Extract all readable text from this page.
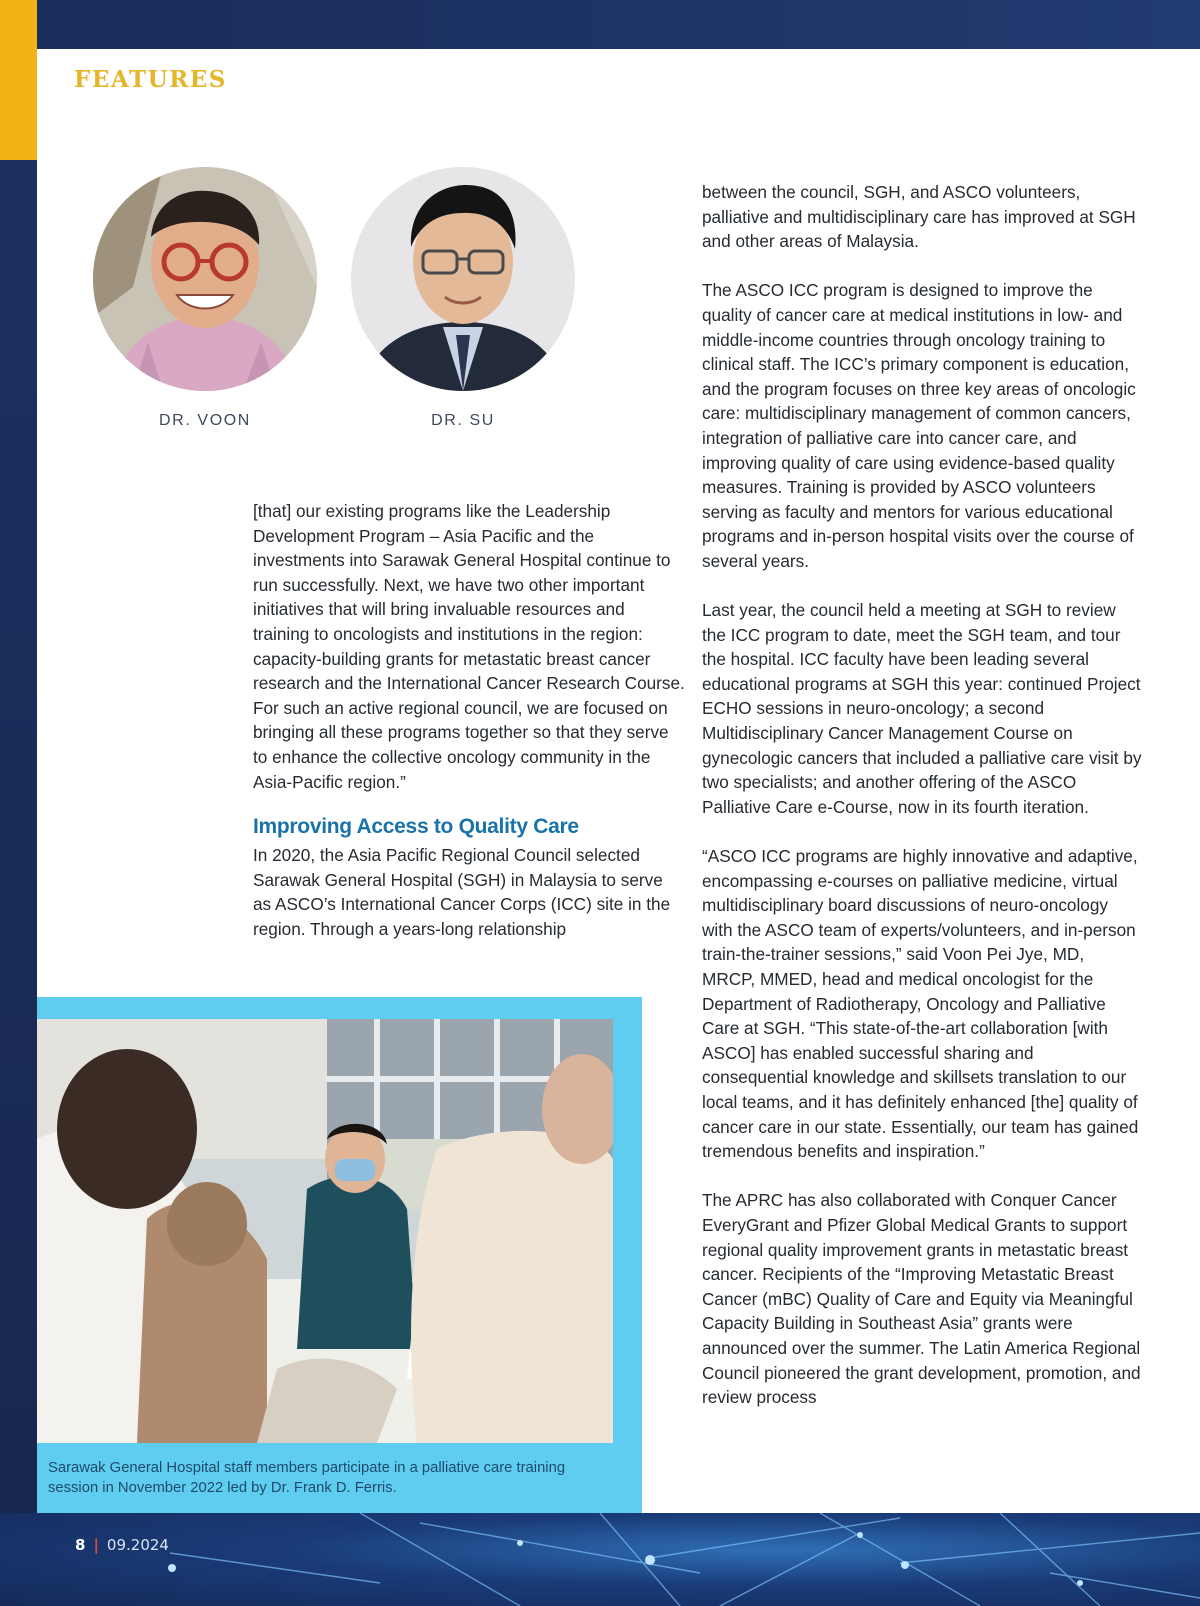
FEATURES
DR. VOON	DR. SU

[that] our existing programs like the Leadership Development Program – Asia Pacific and the investments into Sarawak General Hospital continue to run successfully. Next, we have two other important initiatives that will bring invaluable resources and training to oncologists and institutions in the region: capacity-building grants for metastatic breast cancer research and the International Cancer Research Course. For such an active regional council, we are focused on bringing all these programs together so that they serve to enhance the collective oncology community in the Asia-Pacific region.”

Improving Access to Quality Care

In 2020, the Asia Pacific Regional Council selected Sarawak General Hospital (SGH) in Malaysia to serve as ASCO’s International Cancer Corps (ICC) site in the region. Through a years-long relationship

between the council, SGH, and ASCO volunteers, palliative and multidisciplinary care has improved at SGH and other areas of Malaysia.

The ASCO ICC program is designed to improve the quality of cancer care at medical institutions in low- and middle-income countries through oncology training to clinical staff. The ICC’s primary component is education, and the program focuses on three key areas of oncologic care: multidisciplinary management of common cancers, integration of palliative care into cancer care, and improving quality of care using evidence-based quality measures. Training is provided by ASCO volunteers serving as faculty and mentors for various educational programs and in-person hospital visits over the course of several years.

Last year, the council held a meeting at SGH to review the ICC program to date, meet the SGH team, and tour the hospital. ICC faculty have been leading several educational programs at SGH this year: continued Project ECHO sessions in neuro-oncology; a second Multidisciplinary Cancer Management Course on gynecologic cancers that included a palliative care visit by two specialists; and another offering of the ASCO Palliative Care e-Course, now in its fourth iteration.

“ASCO ICC programs are highly innovative and adaptive, encompassing e-courses on palliative medicine, virtual multidisciplinary board discussions of neuro-oncology with the ASCO team of experts/volunteers, and in-person train-the-trainer sessions,” said Voon Pei Jye, MD, MRCP, MMED, head and medical oncologist for the Department of Radiotherapy, Oncology and Palliative Care at SGH. “This state-of-the-art collaboration [with ASCO] has enabled successful sharing and consequential knowledge and skillsets translation to our local teams, and it has definitely enhanced [the] quality of cancer care in our state. Essentially, our team has gained tremendous benefits and inspiration.”

The APRC has also collaborated with Conquer Cancer EveryGrant and Pfizer Global Medical Grants to support regional quality improvement grants in metastatic breast cancer. Recipients of the “Improving Metastatic Breast Cancer (mBC) Quality of Care and Equity via Meaningful Capacity Building in Southeast Asia” grants were announced over the summer. The Latin America Regional Council pioneered the grant development, promotion, and review process

Sarawak General Hospital staff members participate in a palliative care training session in November 2022 led by Dr. Frank D. Ferris.

8 | 09.2024
